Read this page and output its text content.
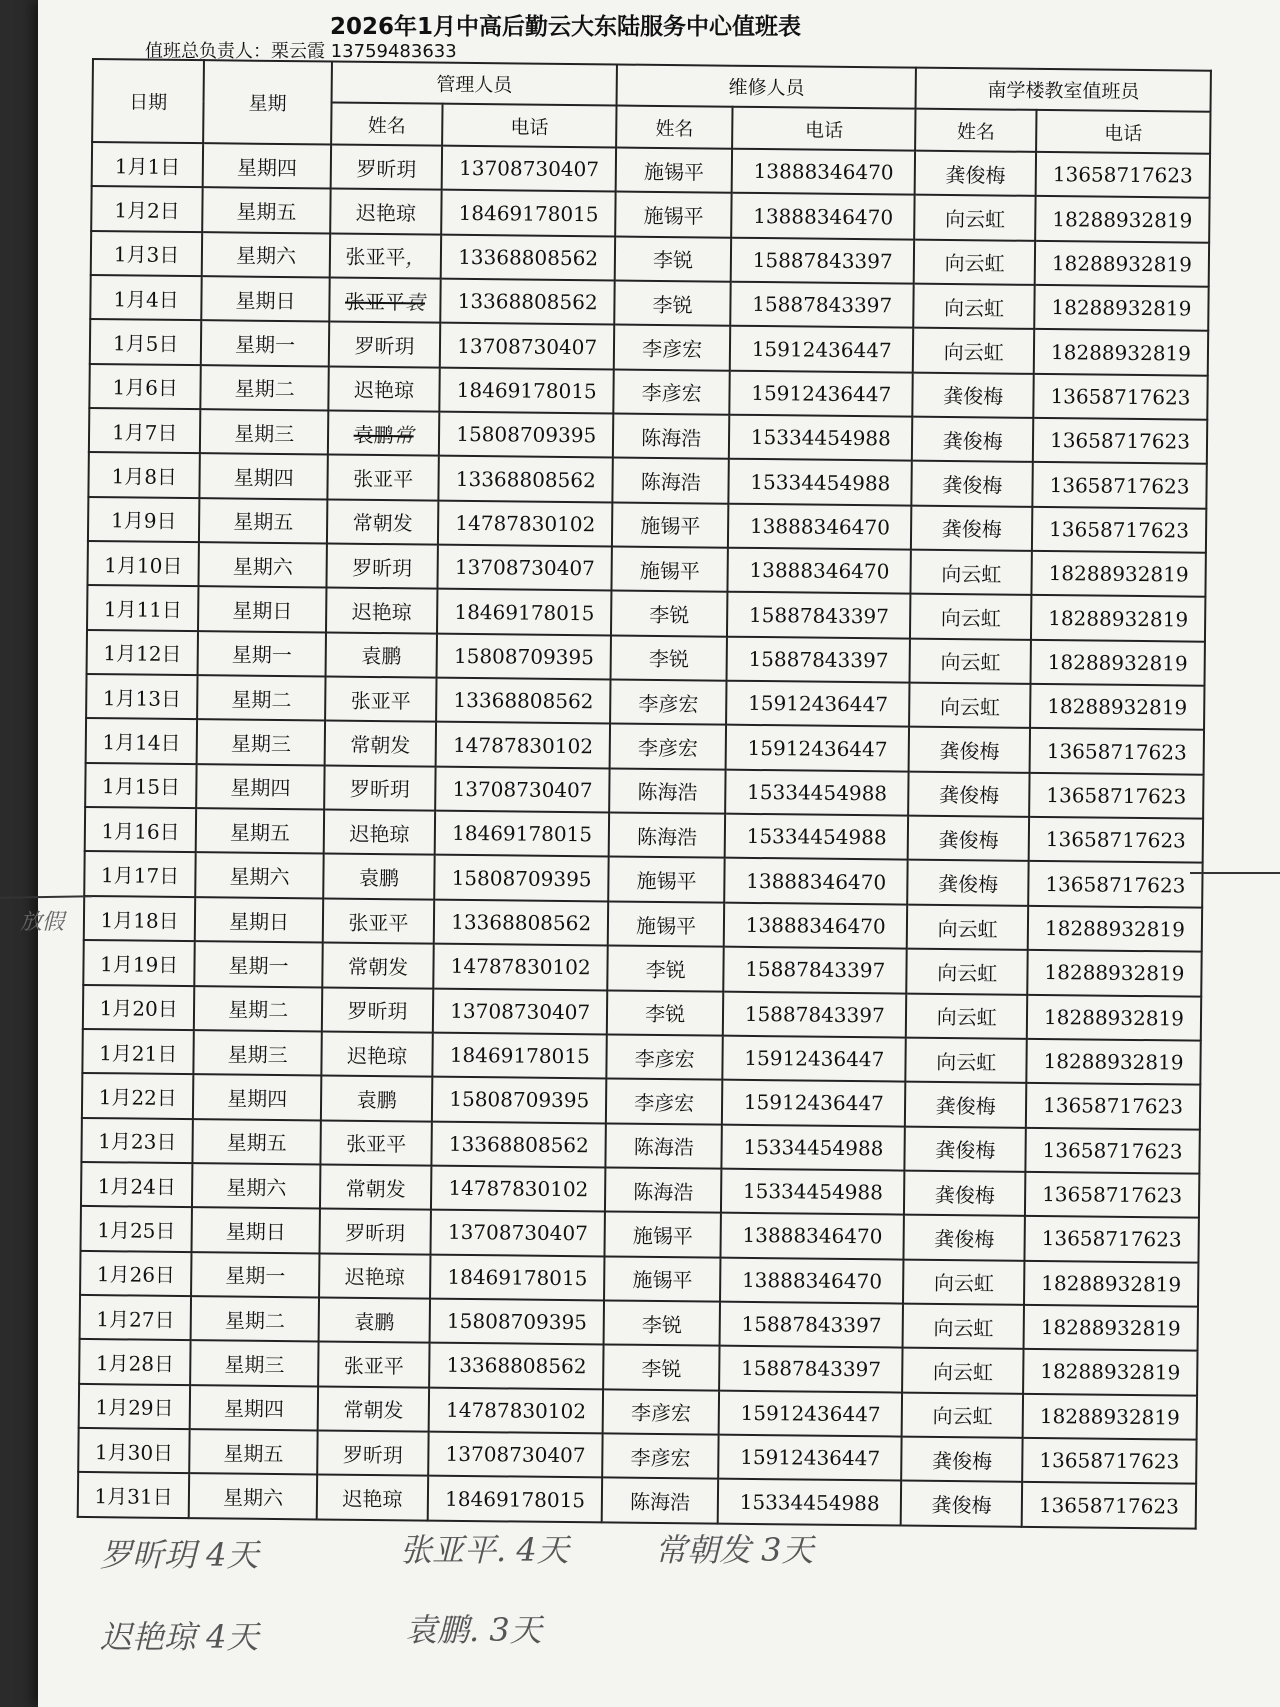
2026年1月中高后勤云大东陆服务中心值班表
值班总负责人：栗云霞 13759483633
日期	星期	管理人员		维修人员		南学楼教室值班员	
		姓名	电话	姓名	电话	姓名	电话
1月1日	星期四	罗昕玥	13708730407	施锡平	13888346470	龚俊梅	13658717623
1月2日	星期五	迟艳琼	18469178015	施锡平	13888346470	向云虹	18288932819
1月3日	星期六	张亚平，	13368808562	李锐	15887843397	向云虹	18288932819
1月4日	星期日	张亚平袁	13368808562	李锐	15887843397	向云虹	18288932819
1月5日	星期一	罗昕玥	13708730407	李彦宏	15912436447	向云虹	18288932819
1月6日	星期二	迟艳琼	18469178015	李彦宏	15912436447	龚俊梅	13658717623
1月7日	星期三	袁鹏常	15808709395	陈海浩	15334454988	龚俊梅	13658717623
1月8日	星期四	张亚平	13368808562	陈海浩	15334454988	龚俊梅	13658717623
1月9日	星期五	常朝发	14787830102	施锡平	13888346470	龚俊梅	13658717623
1月10日	星期六	罗昕玥	13708730407	施锡平	13888346470	向云虹	18288932819
1月11日	星期日	迟艳琼	18469178015	李锐	15887843397	向云虹	18288932819
1月12日	星期一	袁鹏	15808709395	李锐	15887843397	向云虹	18288932819
1月13日	星期二	张亚平	13368808562	李彦宏	15912436447	向云虹	18288932819
1月14日	星期三	常朝发	14787830102	李彦宏	15912436447	龚俊梅	13658717623
1月15日	星期四	罗昕玥	13708730407	陈海浩	15334454988	龚俊梅	13658717623
1月16日	星期五	迟艳琼	18469178015	陈海浩	15334454988	龚俊梅	13658717623
1月17日	星期六	袁鹏	15808709395	施锡平	13888346470	龚俊梅	13658717623
1月18日	星期日	张亚平	13368808562	施锡平	13888346470	向云虹	18288932819
1月19日	星期一	常朝发	14787830102	李锐	15887843397	向云虹	18288932819
1月20日	星期二	罗昕玥	13708730407	李锐	15887843397	向云虹	18288932819
1月21日	星期三	迟艳琼	18469178015	李彦宏	15912436447	向云虹	18288932819
1月22日	星期四	袁鹏	15808709395	李彦宏	15912436447	龚俊梅	13658717623
1月23日	星期五	张亚平	13368808562	陈海浩	15334454988	龚俊梅	13658717623
1月24日	星期六	常朝发	14787830102	陈海浩	15334454988	龚俊梅	13658717623
1月25日	星期日	罗昕玥	13708730407	施锡平	13888346470	龚俊梅	13658717623
1月26日	星期一	迟艳琼	18469178015	施锡平	13888346470	向云虹	18288932819
1月27日	星期二	袁鹏	15808709395	李锐	15887843397	向云虹	18288932819
1月28日	星期三	张亚平	13368808562	李锐	15887843397	向云虹	18288932819
1月29日	星期四	常朝发	14787830102	李彦宏	15912436447	向云虹	18288932819
1月30日	星期五	罗昕玥	13708730407	李彦宏	15912436447	龚俊梅	13658717623
1月31日	星期六	迟艳琼	18469178015	陈海浩	15334454988	龚俊梅	13658717623
放假
罗昕玥 4天	张亚平. 4天	常朝发 3天
迟艳琼 4天	袁鹏. 3天
